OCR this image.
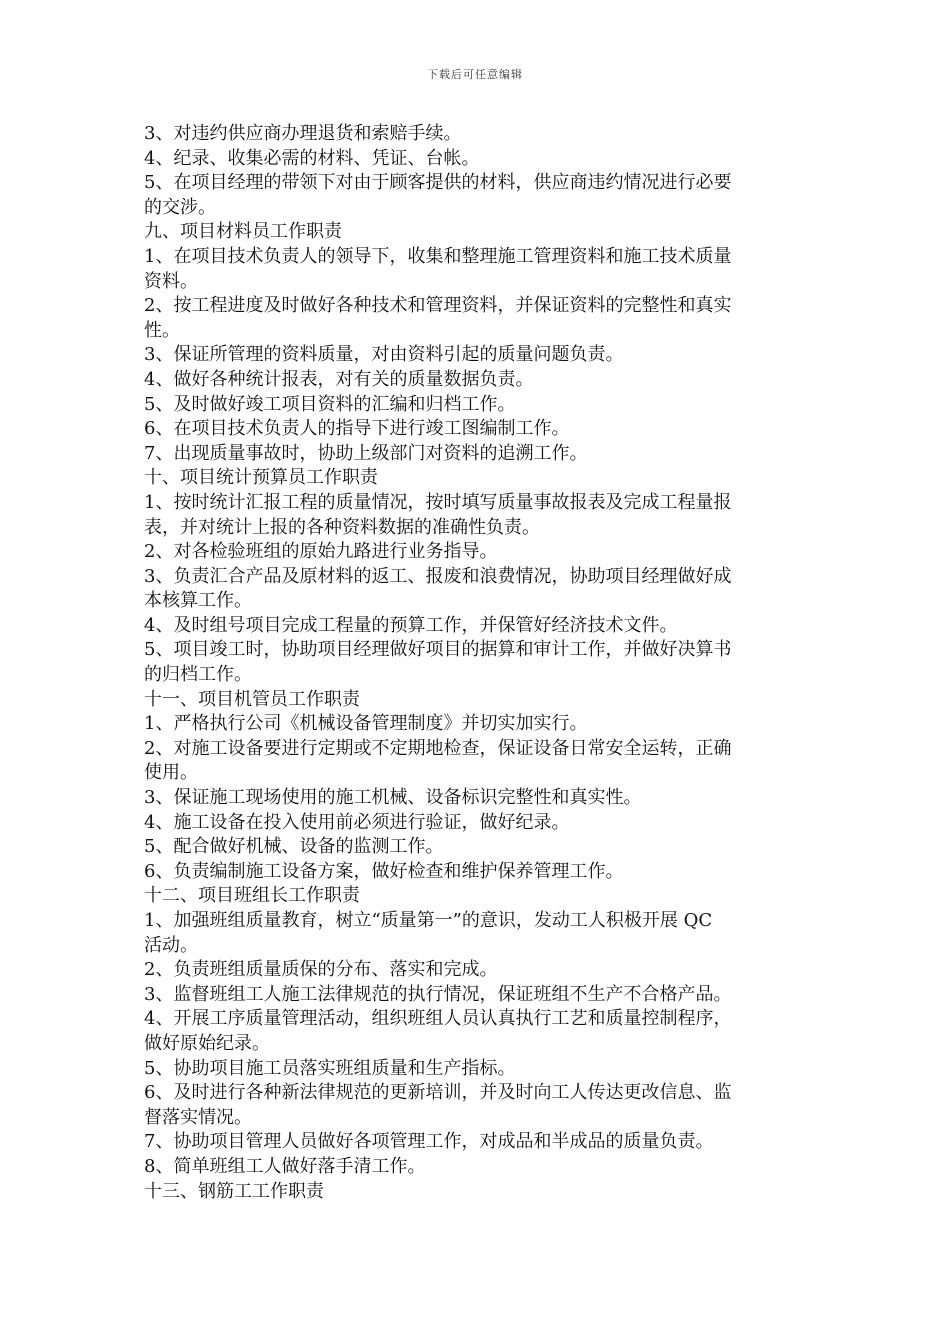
下载后可任意编辑
3、对违约供应商办理退货和索赔手续。
4、纪录、收集必需的材料、凭证、台帐。
5、在项目经理的带领下对由于顾客提供的材料，供应商违约情况进行必要
的交涉。
九、项目材料员工作职责
1、在项目技术负责人的领导下，收集和整理施工管理资料和施工技术质量
资料。
2、按工程进度及时做好各种技术和管理资料，并保证资料的完整性和真实
性。
3、保证所管理的资料质量，对由资料引起的质量问题负责。
4、做好各种统计报表，对有关的质量数据负责。
5、及时做好竣工项目资料的汇编和归档工作。
6、在项目技术负责人的指导下进行竣工图编制工作。
7、出现质量事故时，协助上级部门对资料的追溯工作。
十、项目统计预算员工作职责
1、按时统计汇报工程的质量情况，按时填写质量事故报表及完成工程量报
表，并对统计上报的各种资料数据的准确性负责。
2、对各检验班组的原始九路进行业务指导。
3、负责汇合产品及原材料的返工、报废和浪费情况，协助项目经理做好成
本核算工作。
4、及时组号项目完成工程量的预算工作，并保管好经济技术文件。
5、项目竣工时，协助项目经理做好项目的据算和审计工作，并做好决算书
的归档工作。
十一、项目机管员工作职责
1、严格执行公司《机械设备管理制度》并切实加实行。
2、对施工设备要进行定期或不定期地检查，保证设备日常安全运转，正确
使用。
3、保证施工现场使用的施工机械、设备标识完整性和真实性。
4、施工设备在投入使用前必须进行验证，做好纪录。
5、配合做好机械、设备的监测工作。
6、负责编制施工设备方案，做好检查和维护保养管理工作。
十二、项目班组长工作职责
1、加强班组质量教育，树立“质量第一”的意识，发动工人积极开展 QC
活动。
2、负责班组质量质保的分布、落实和完成。
3、监督班组工人施工法律规范的执行情况，保证班组不生产不合格产品。
4、开展工序质量管理活动，组织班组人员认真执行工艺和质量控制程序，
做好原始纪录。
5、协助项目施工员落实班组质量和生产指标。
6、及时进行各种新法律规范的更新培训，并及时向工人传达更改信息、监
督落实情况。
7、协助项目管理人员做好各项管理工作，对成品和半成品的质量负责。
8、简单班组工人做好落手清工作。
十三、钢筋工工作职责
